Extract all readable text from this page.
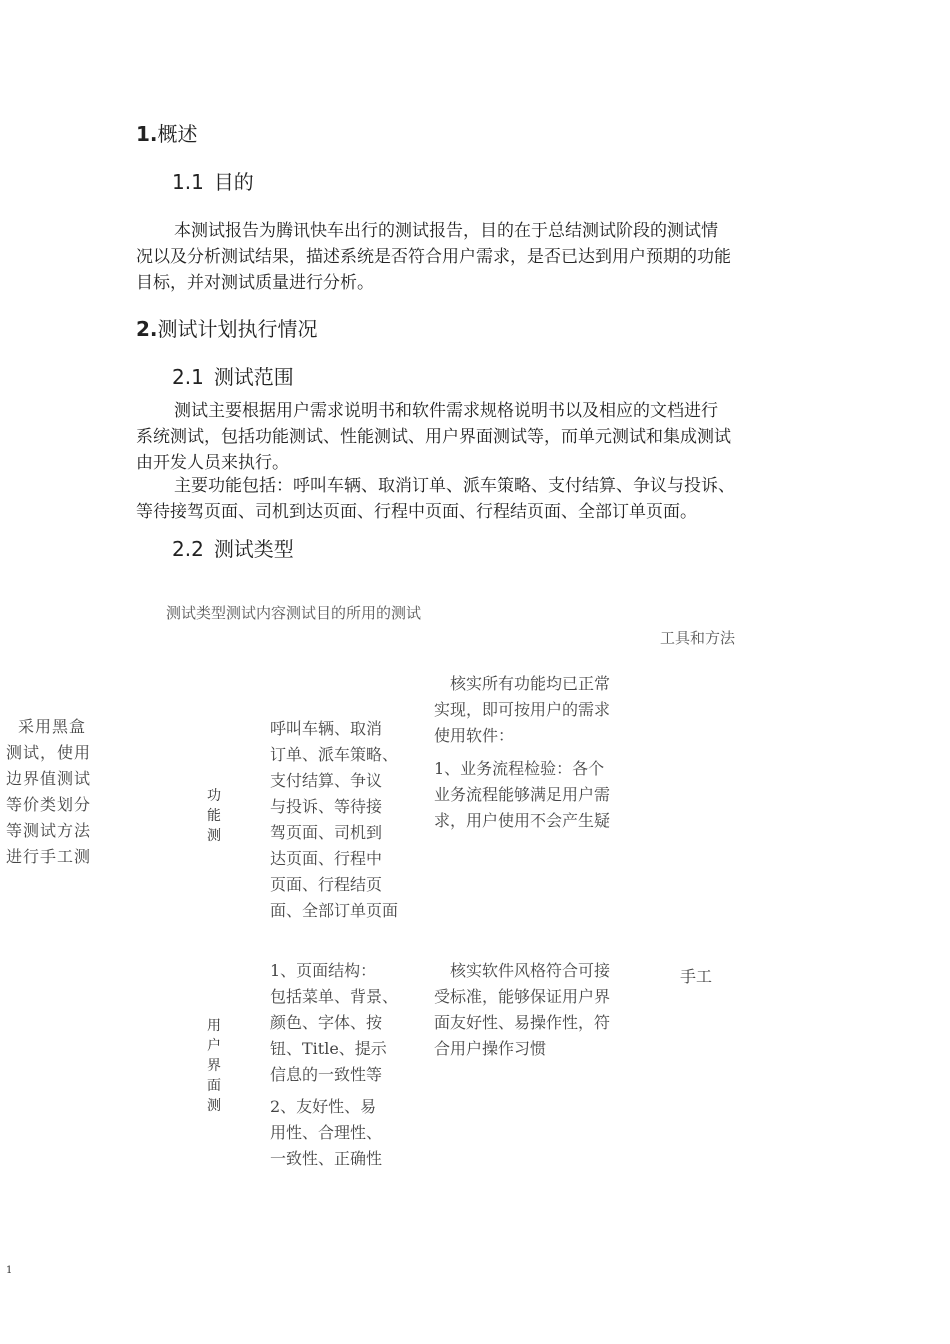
1.概述
1.1 目的
本测试报告为腾讯快车出行的测试报告，目的在于总结测试阶段的测试情
况以及分析测试结果，描述系统是否符合用户需求，是否已达到用户预期的功能
目标，并对测试质量进行分析。
2.测试计划执行情况
2.1 测试范围
测试主要根据用户需求说明书和软件需求规格说明书以及相应的文档进行
系统测试，包括功能测试、性能测试、用户界面测试等，而单元测试和集成测试
由开发人员来执行。
主要功能包括：呼叫车辆、取消订单、派车策略、支付结算、争议与投诉、
等待接驾页面、司机到达页面、行程中页面、行程结页面、全部订单页面。
2.2 测试类型
测试类型测试内容测试目的所用的测试
工具和方法
采用黑盒
测试，使用
边界值测试
等价类划分
等测试方法
进行手工测
功
能
测
呼叫车辆、取消
订单、派车策略、
支付结算、争议
与投诉、等待接
驾页面、司机到
达页面、行程中
页面、行程结页
面、全部订单页面
核实所有功能均已正常
实现，即可按用户的需求
使用软件：
1、业务流程检验：各个
业务流程能够满足用户需
求，用户使用不会产生疑
用
户
界
面
测
1、页面结构：
包括菜单、背景、
颜色、字体、按
钮、Title、提示
信息的一致性等
2、友好性、易
用性、合理性、
一致性、正确性
核实软件风格符合可接
受标准，能够保证用户界
面友好性、易操作性，符
合用户操作习惯
手工
1
